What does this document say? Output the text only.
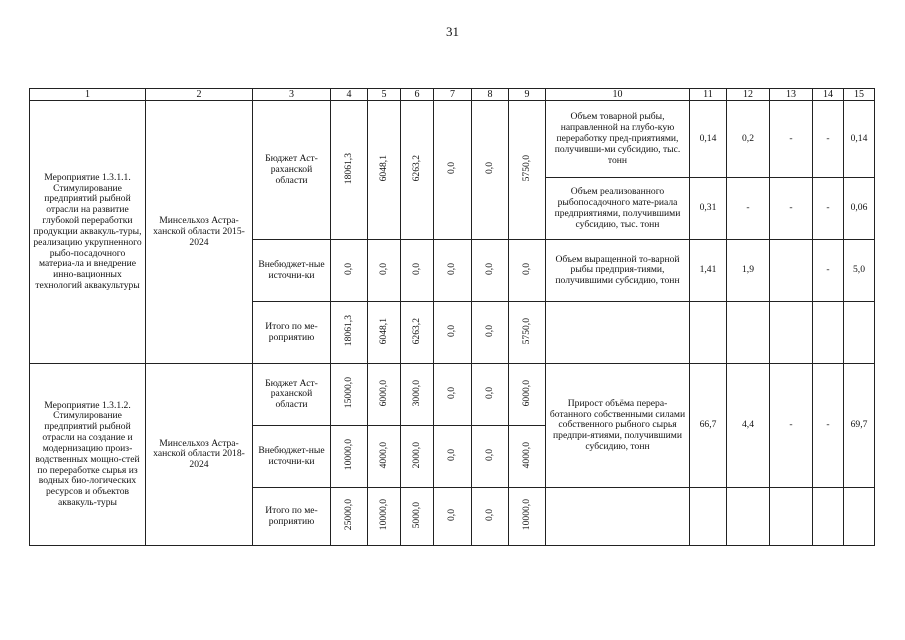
31
1	2	3	4	5	6	7	8	9	10	11	12	13	14	15
Мероприятие 1.3.1.1. Стимулирование предприятий рыбной отрасли на развитие глубокой переработки продукции аквакуль-туры, реализацию укрупненного рыбо-посадочного материа-ла и внедрение инно-вационных технологий аквакультуры	Минсельхоз Астра-ханской области 2015-2024	Бюджет Аст-раханской области	18061,3	6048,1	6263,2	0,0	0,0	5750,0	Объем товарной рыбы, направленной на глубо-кую переработку пред-приятиями, получивши-ми субсидию, тыс. тонн	0,14	0,2	-	-	0,14
									Объем реализованного рыбопосадочного мате-риала предприятиями, получившими субсидию, тыс. тонн	0,31	-	-	-	0,06
		Внебюджет-ные источни-ки	0,0	0,0	0,0	0,0	0,0	0,0	Объем выращенной то-варной рыбы предприя-тиями, получившими субсидию, тонн	1,41	1,9		-	5,0
		Итого по ме-роприятию	18061,3	6048,1	6263,2	0,0	0,0	5750,0						
Мероприятие 1.3.1.2. Стимулирование предприятий рыбной отрасли на создание и модернизацию произ-водственных мощно-стей по переработке сырья из водных био-логических ресурсов и объектов аквакуль-туры	Минсельхоз Астра-ханской области 2018-2024	Бюджет Аст-раханской области	15000,0	6000,0	3000,0	0,0	0,0	6000,0	Прирост объёма перера-ботанного собственными силами собственного рыбного сырья предпри-ятиями, получившими субсидию, тонн	66,7	4,4	-	-	69,7
		Внебюджет-ные источни-ки	10000,0	4000,0	2000,0	0,0	0,0	4000,0						
		Итого по ме-роприятию	25000,0	10000,0	5000,0	0,0	0,0	10000,0						
